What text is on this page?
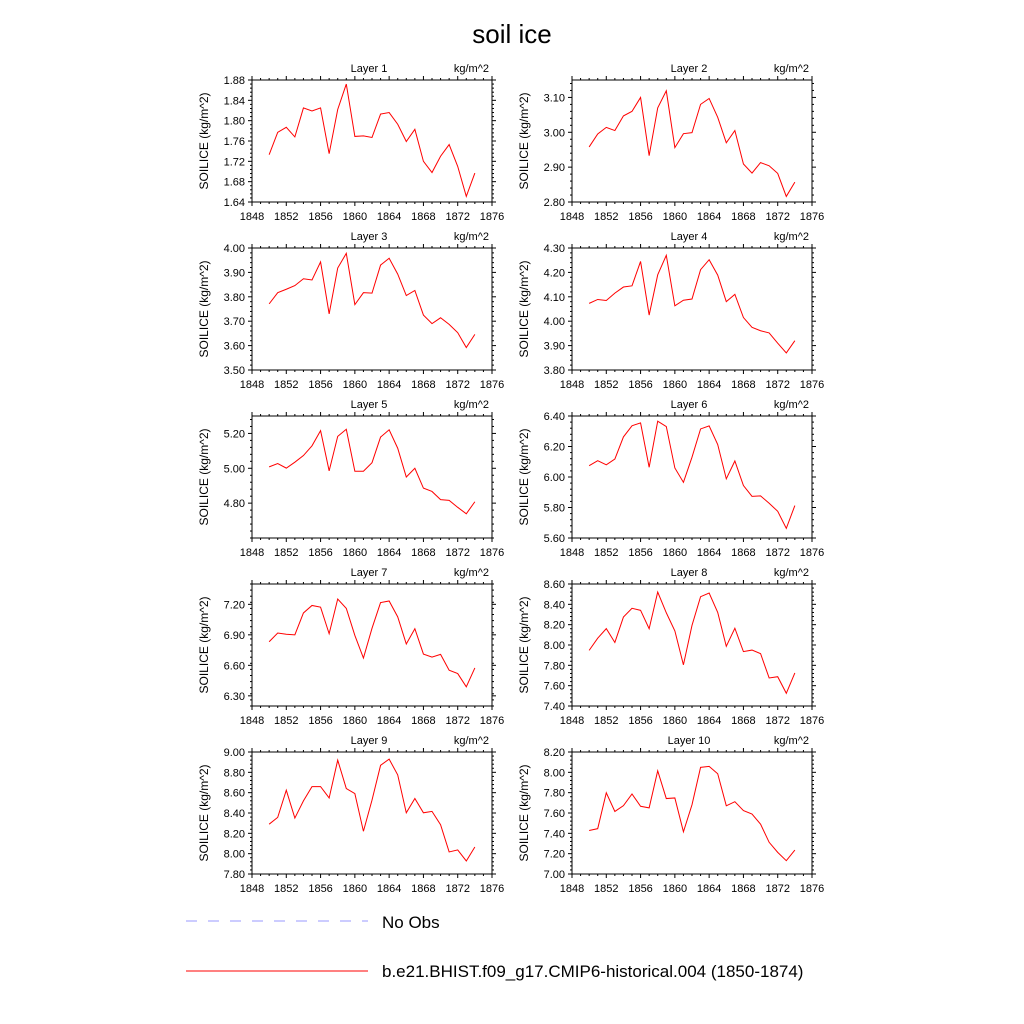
soil ice
Layer 1	kg/m^2
SOILICE (kg/m^2)
1848 1852 1856 1860 1864 1868 1872 1876
1.64
1.68
1.72
1.76
1.80
1.84
1.88
Layer 2	kg/m^2
SOILICE (kg/m^2)
1848 1852 1856 1860 1864 1868 1872 1876
2.80
2.90
3.00
3.10
Layer 3	kg/m^2
SOILICE (kg/m^2)
1848 1852 1856 1860 1864 1868 1872 1876
3.50
3.60
3.70
3.80
3.90
4.00
Layer 4	kg/m^2
SOILICE (kg/m^2)
1848 1852 1856 1860 1864 1868 1872 1876
3.80
3.90
4.00
4.10
4.20
4.30
Layer 5	kg/m^2
SOILICE (kg/m^2)
1848 1852 1856 1860 1864 1868 1872 1876
4.80
5.00
5.20
Layer 6	kg/m^2
SOILICE (kg/m^2)
1848 1852 1856 1860 1864 1868 1872 1876
5.60
5.80
6.00
6.20
6.40
Layer 7	kg/m^2
SOILICE (kg/m^2)
1848 1852 1856 1860 1864 1868 1872 1876
6.30
6.60
6.90
7.20
Layer 8	kg/m^2
SOILICE (kg/m^2)
1848 1852 1856 1860 1864 1868 1872 1876
7.40
7.60
7.80
8.00
8.20
8.40
8.60
Layer 9	kg/m^2
SOILICE (kg/m^2)
1848 1852 1856 1860 1864 1868 1872 1876
7.80
8.00
8.20
8.40
8.60
8.80
9.00
Layer 10	kg/m^2
SOILICE (kg/m^2)
1848 1852 1856 1860 1864 1868 1872 1876
7.00
7.20
7.40
7.60
7.80
8.00
8.20
No Obs
b.e21.BHIST.f09_g17.CMIP6-historical.004 (1850-1874)
